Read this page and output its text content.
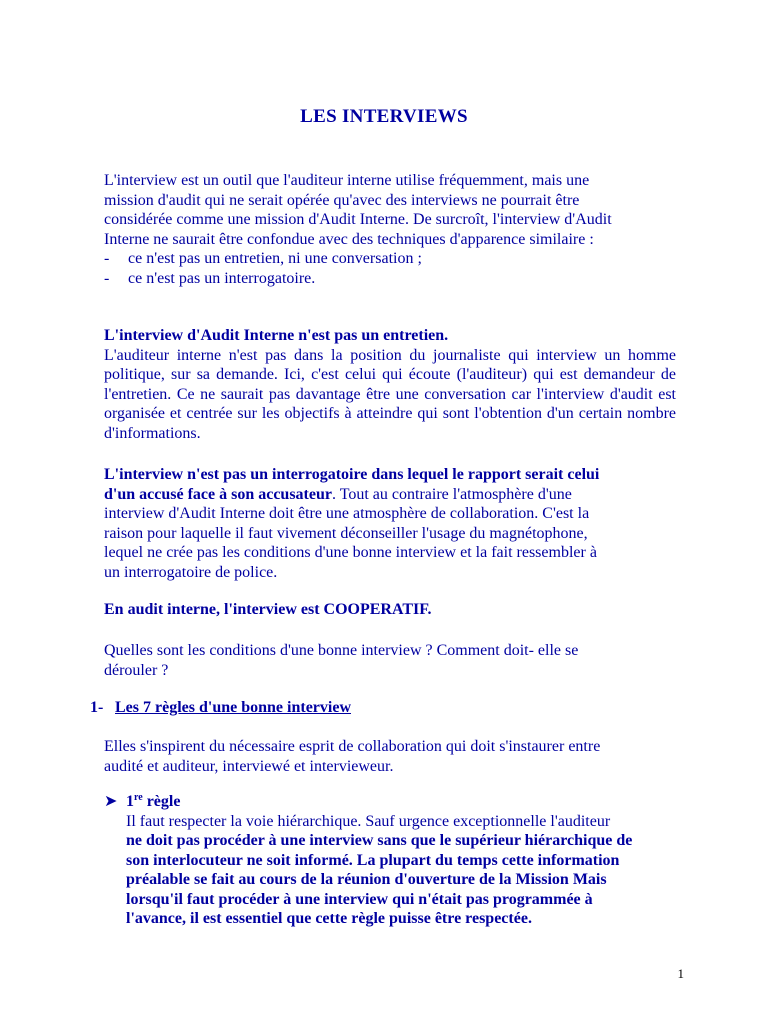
LES INTERVIEWS

L'interview est un outil que l'auditeur interne utilise fréquemment, mais une

mission d'audit qui ne serait opérée qu'avec des interviews ne pourrait être

considérée comme une mission d'Audit Interne. De surcroît, l'interview d'Audit

Interne ne saurait être confondue avec des techniques d'apparence similaire :

-	ce n'est pas un entretien, ni une conversation ;
-	ce n'est pas un interrogatoire.
L'interview d'Audit Interne n'est pas un entretien.
L'auditeur interne n'est pas dans la position du journaliste qui interview un homme politique, sur sa demande. Ici, c'est celui qui écoute (l'auditeur) qui est demandeur de l'entretien. Ce ne saurait pas davantage être une conversation car l'interview d'audit est organisée et centrée sur les objectifs à atteindre qui sont l'obtention d'un certain nombre d'informations.
L'interview n'est pas un interrogatoire dans lequel le rapport serait celui
d'un accusé face à son accusateur. Tout au contraire l'atmosphère d'une
interview d'Audit Interne doit être une atmosphère de collaboration. C'est la
raison pour laquelle il faut vivement déconseiller l'usage du magnétophone,
lequel ne crée pas les conditions d'une bonne interview et la fait ressembler à
un interrogatoire de police.
En audit interne, l'interview est COOPERATIF.
Quelles sont les conditions d'une bonne interview ? Comment doit- elle se
dérouler ?
1- Les 7 règles d'une bonne interview
Elles s'inspirent du nécessaire esprit de collaboration qui doit s'instaurer entre
audité et auditeur, interviewé et intervieweur.
➤ 1re règle
Il faut respecter la voie hiérarchique. Sauf urgence exceptionnelle l'auditeur
ne doit pas procéder à une interview sans que le supérieur hiérarchique de
son interlocuteur ne soit informé. La plupart du temps cette information
préalable se fait au cours de la réunion d'ouverture de la Mission Mais
lorsqu'il faut procéder à une interview qui n'était pas programmée à
l'avance, il est essentiel que cette règle puisse être respectée.
1
